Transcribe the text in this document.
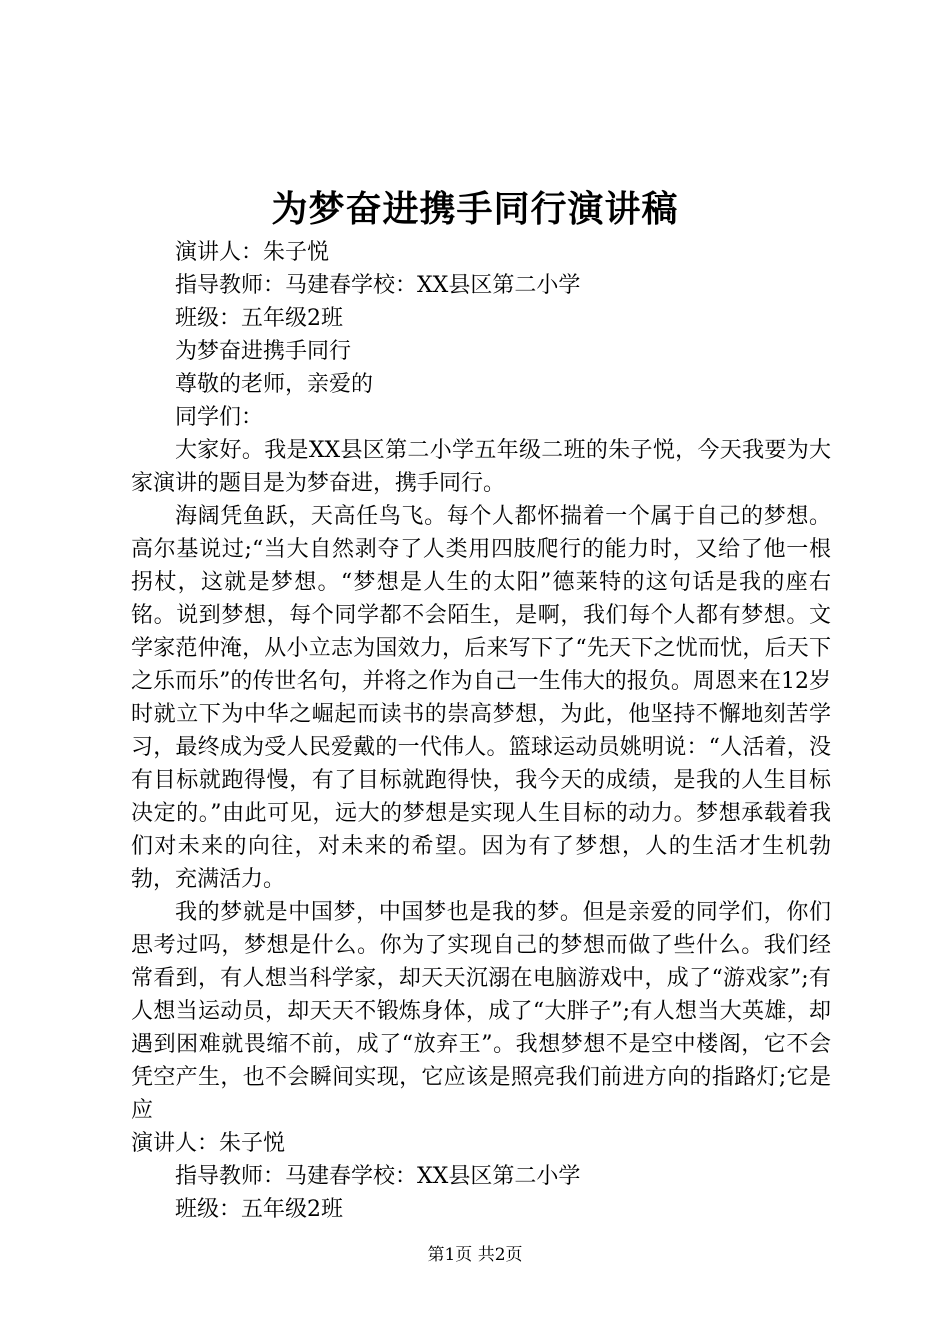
为梦奋进携手同行演讲稿

演讲人：朱子悦

指导教师：马建春学校：XX县区第二小学

班级：五年级2班

为梦奋进携手同行

尊敬的老师，亲爱的

同学们：

大家好。我是XX县区第二小学五年级二班的朱子悦，今天我要为大家演讲的题目是为梦奋进，携手同行。

海阔凭鱼跃，天高任鸟飞。每个人都怀揣着一个属于自己的梦想。高尔基说过;“当大自然剥夺了人类用四肢爬行的能力时，又给了他一根拐杖，这就是梦想。“梦想是人生的太阳”德莱特的这句话是我的座右铭。说到梦想，每个同学都不会陌生，是啊，我们每个人都有梦想。文学家范仲淹，从小立志为国效力，后来写下了“先天下之忧而忧，后天下之乐而乐”的传世名句，并将之作为自己一生伟大的报负。周恩来在12岁时就立下为中华之崛起而读书的崇高梦想，为此，他坚持不懈地刻苦学习，最终成为受人民爱戴的一代伟人。篮球运动员姚明说：“人活着，没有目标就跑得慢，有了目标就跑得快，我今天的成绩，是我的人生目标决定的。”由此可见，远大的梦想是实现人生目标的动力。梦想承载着我们对未来的向往，对未来的希望。因为有了梦想，人的生活才生机勃勃，充满活力。

我的梦就是中国梦，中国梦也是我的梦。但是亲爱的同学们，你们思考过吗，梦想是什么。你为了实现自己的梦想而做了些什么。我们经常看到，有人想当科学家，却天天沉溺在电脑游戏中，成了“游戏家”;有人想当运动员，却天天不锻炼身体，成了“大胖子”;有人想当大英雄，却遇到困难就畏缩不前，成了“放弃王”。我想梦想不是空中楼阁，它不会凭空产生，也不会瞬间实现，它应该是照亮我们前进方向的指路灯;它是应

演讲人：朱子悦

指导教师：马建春学校：XX县区第二小学

班级：五年级2班

第1页 共2页
